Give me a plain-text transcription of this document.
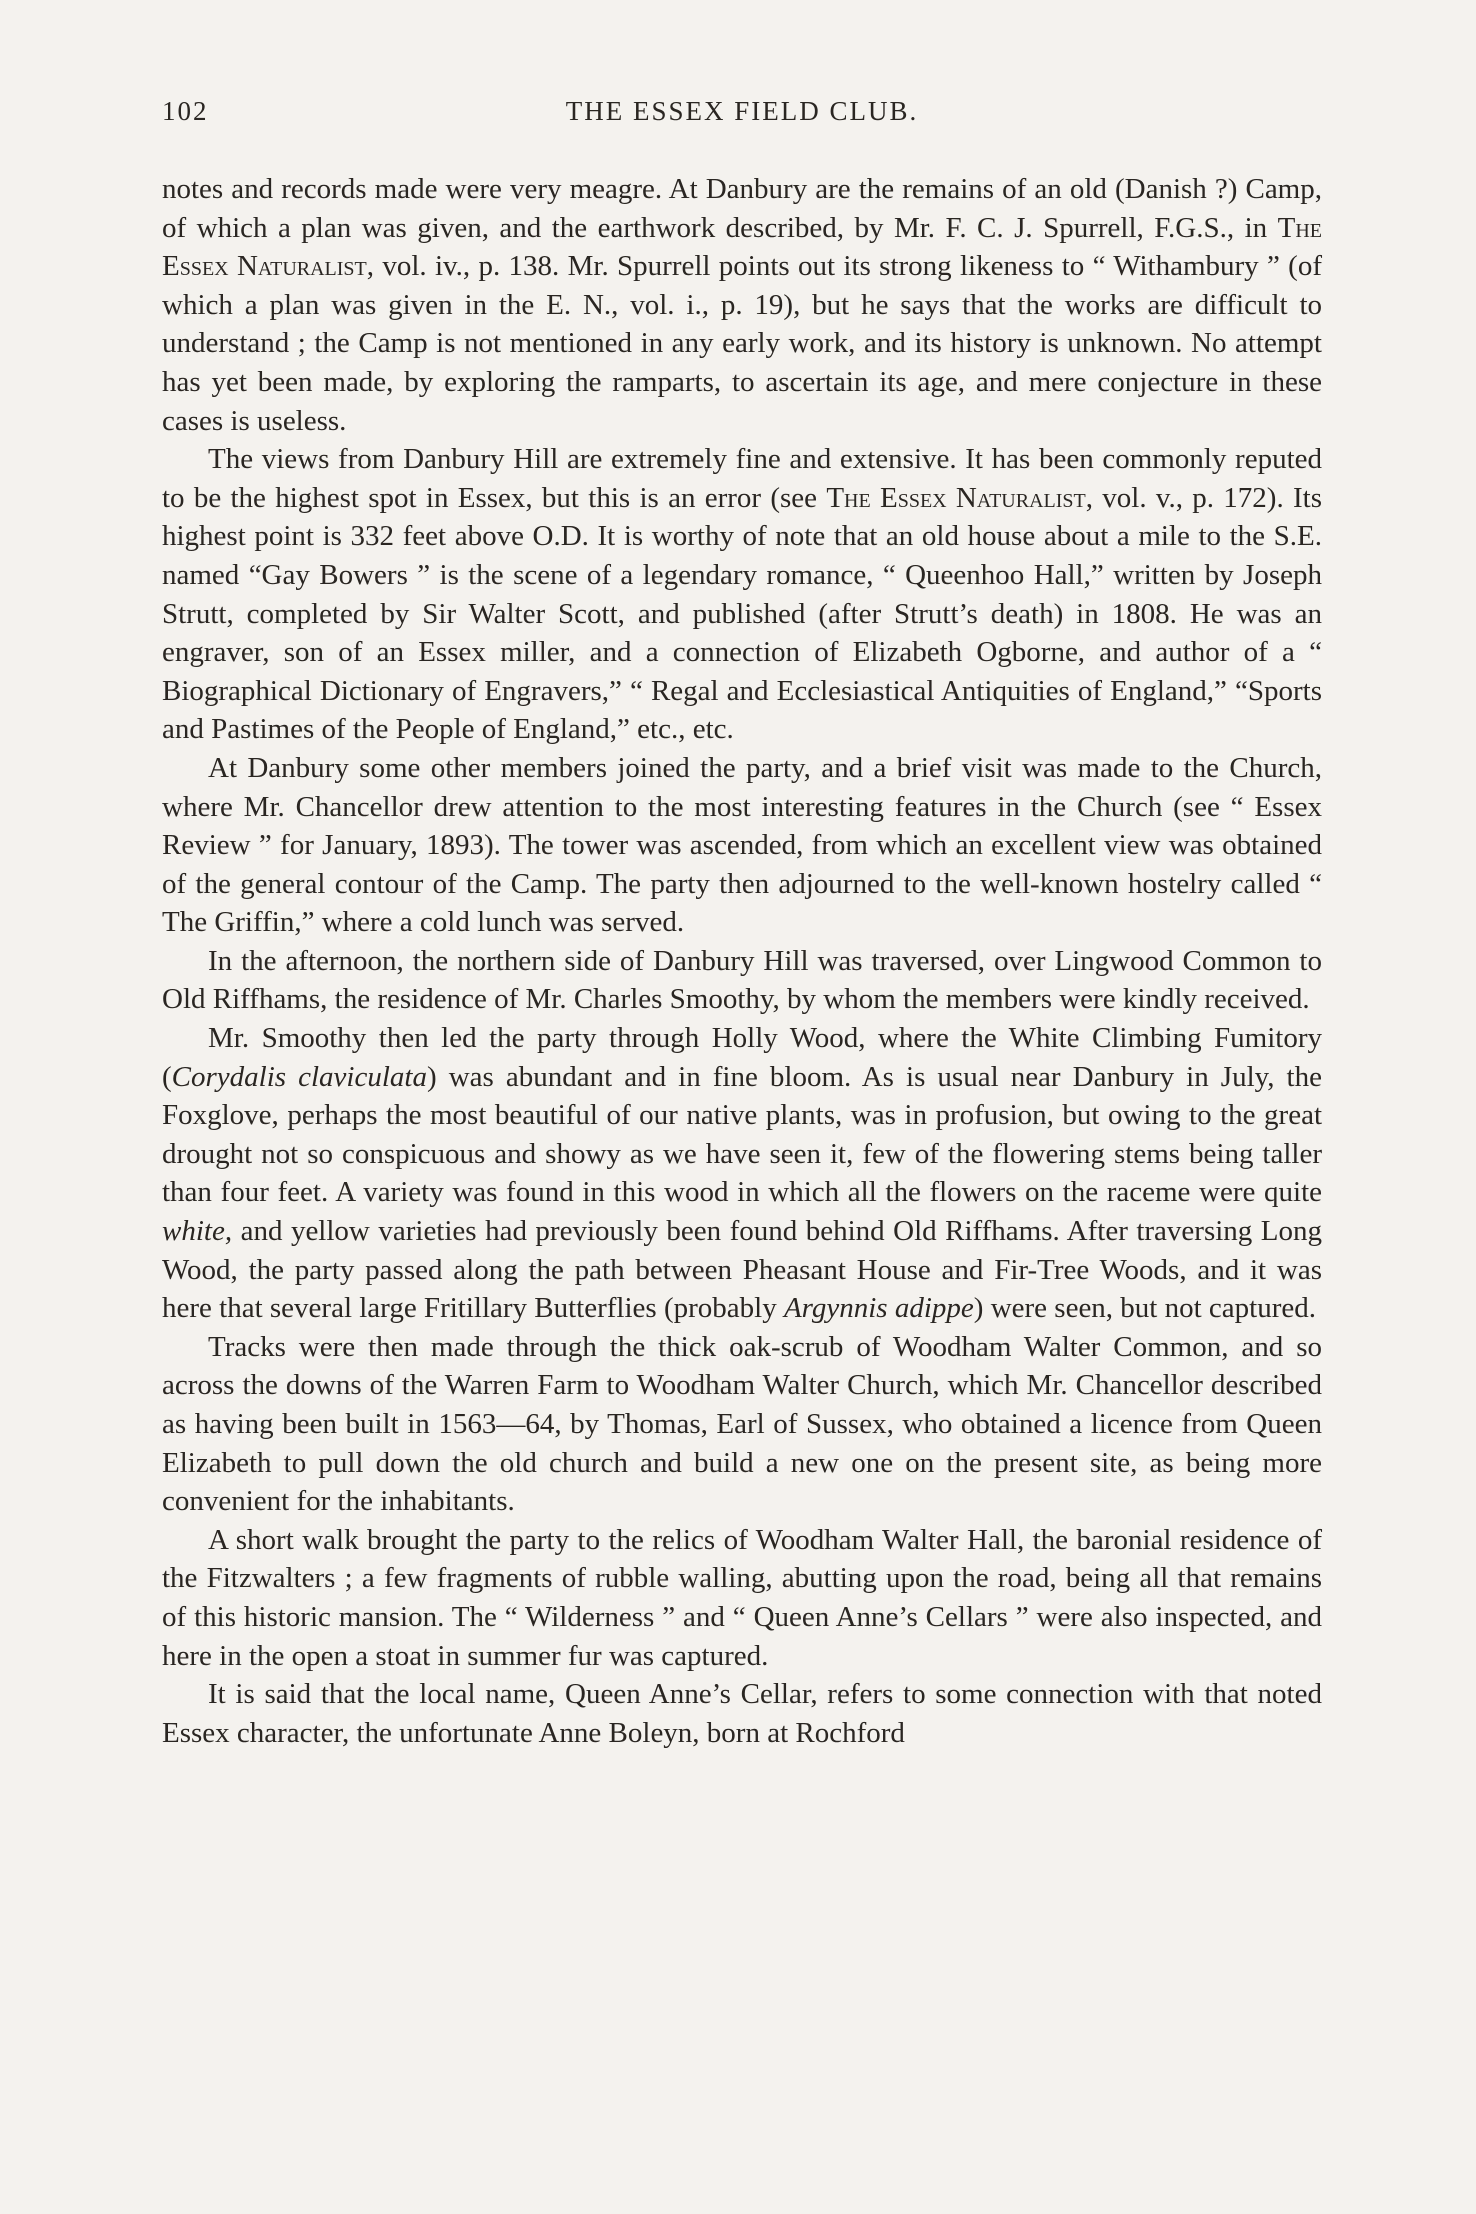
102	THE ESSEX FIELD CLUB.

notes and records made were very meagre. At Danbury are the remains of an old (Danish ?) Camp, of which a plan was given, and the earthwork described, by Mr. F. C. J. Spurrell, F.G.S., in The Essex Naturalist, vol. iv., p. 138. Mr. Spurrell points out its strong likeness to “ Withambury ” (of which a plan was given in the E. N., vol. i., p. 19), but he says that the works are difficult to understand ; the Camp is not mentioned in any early work, and its history is unknown. No attempt has yet been made, by exploring the ramparts, to ascertain its age, and mere conjecture in these cases is useless.

The views from Danbury Hill are extremely fine and extensive. It has been commonly reputed to be the highest spot in Essex, but this is an error (see The Essex Naturalist, vol. v., p. 172). Its highest point is 332 feet above O.D. It is worthy of note that an old house about a mile to the S.E. named “Gay Bowers ” is the scene of a legendary romance, “ Queenhoo Hall,” written by Joseph Strutt, completed by Sir Walter Scott, and published (after Strutt’s death) in 1808. He was an engraver, son of an Essex miller, and a connection of Elizabeth Ogborne, and author of a “ Biographical Dictionary of Engravers,” “ Regal and Ecclesiastical Antiquities of England,” “Sports and Pastimes of the People of England,” etc., etc.

At Danbury some other members joined the party, and a brief visit was made to the Church, where Mr. Chancellor drew attention to the most interesting features in the Church (see “ Essex Review ” for January, 1893). The tower was ascended, from which an excellent view was obtained of the general contour of the Camp. The party then adjourned to the well-known hostelry called “ The Griffin,” where a cold lunch was served.

In the afternoon, the northern side of Danbury Hill was traversed, over Lingwood Common to Old Riffhams, the residence of Mr. Charles Smoothy, by whom the members were kindly received.

Mr. Smoothy then led the party through Holly Wood, where the White Climbing Fumitory (Corydalis claviculata) was abundant and in fine bloom. As is usual near Danbury in July, the Foxglove, perhaps the most beautiful of our native plants, was in profusion, but owing to the great drought not so conspicuous and showy as we have seen it, few of the flowering stems being taller than four feet. A variety was found in this wood in which all the flowers on the raceme were quite white, and yellow varieties had previously been found behind Old Riffhams. After traversing Long Wood, the party passed along the path between Pheasant House and Fir-Tree Woods, and it was here that several large Fritillary Butterflies (probably Argynnis adippe) were seen, but not captured.

Tracks were then made through the thick oak-scrub of Woodham Walter Common, and so across the downs of the Warren Farm to Woodham Walter Church, which Mr. Chancellor described as having been built in 1563—64, by Thomas, Earl of Sussex, who obtained a licence from Queen Elizabeth to pull down the old church and build a new one on the present site, as being more convenient for the inhabitants.

A short walk brought the party to the relics of Woodham Walter Hall, the baronial residence of the Fitzwalters ; a few fragments of rubble walling, abutting upon the road, being all that remains of this historic mansion. The “ Wilderness ” and “ Queen Anne’s Cellars ” were also inspected, and here in the open a stoat in summer fur was captured.

It is said that the local name, Queen Anne’s Cellar, refers to some connection with that noted Essex character, the unfortunate Anne Boleyn, born at Rochford
